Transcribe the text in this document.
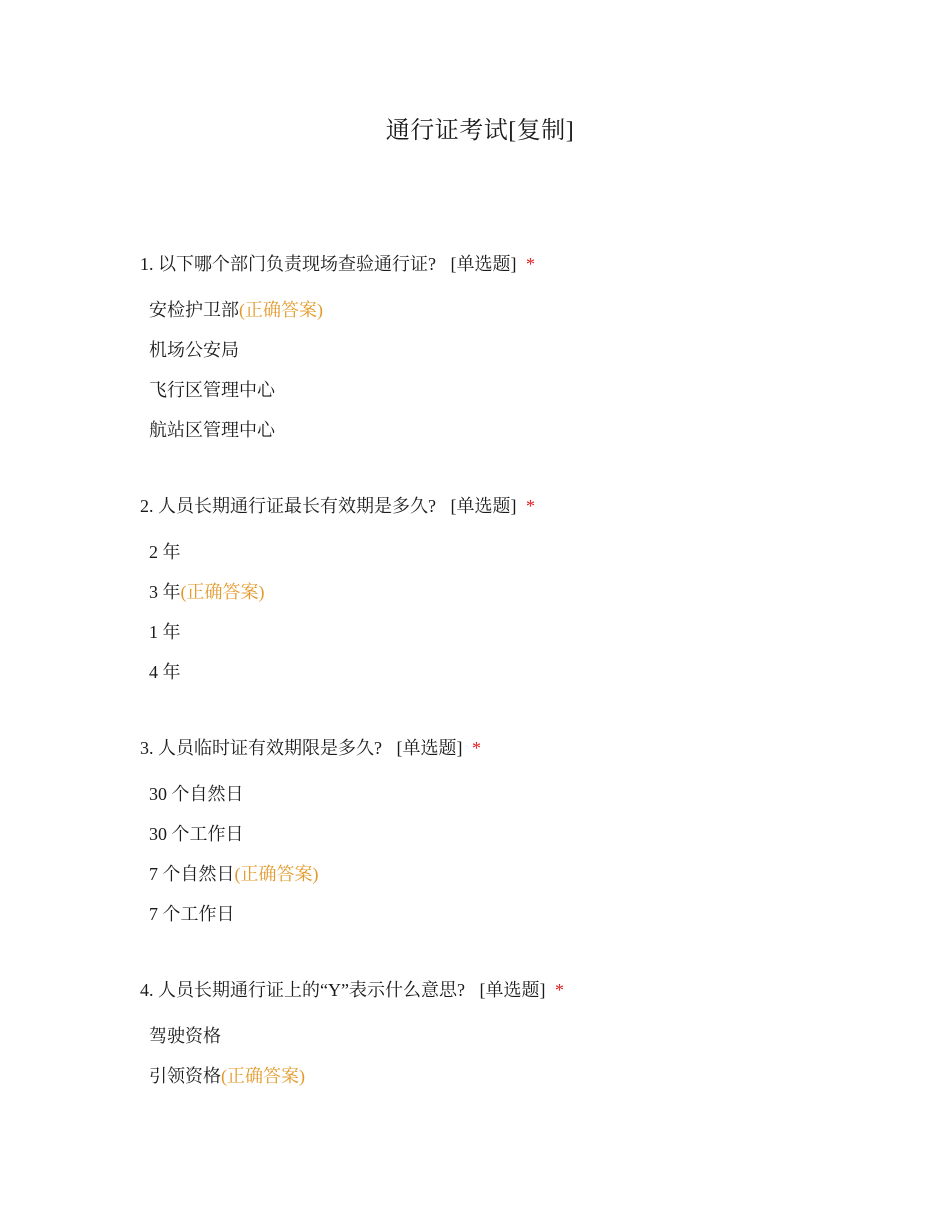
通行证考试[复制]
1. 以下哪个部门负责现场查验通行证? [单选题] *
安检护卫部(正确答案)
机场公安局
飞行区管理中心
航站区管理中心
2. 人员长期通行证最长有效期是多久? [单选题] *
2 年
3 年(正确答案)
1 年
4 年
3. 人员临时证有效期限是多久? [单选题] *
30 个自然日
30 个工作日
7 个自然日(正确答案)
7 个工作日
4. 人员长期通行证上的“Y”表示什么意思? [单选题] *
驾驶资格
引领资格(正确答案)
